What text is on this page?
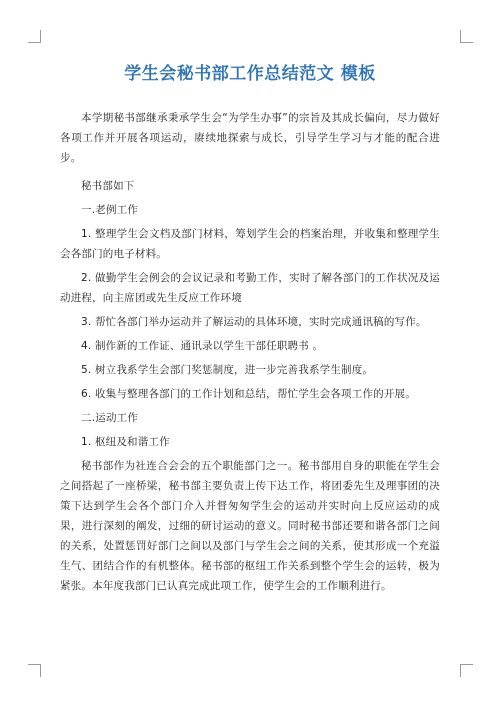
学生会秘书部工作总结范文 模板

本学期秘书部继承秉承学生会“为学生办事”的宗旨及其成长偏向，尽力做好各项工作并开展各项运动，赓续地探索与成长，引导学生学习与才能的配合进步。

秘书部如下

一.老例工作

1. 整理学生会文档及部门材料，筹划学生会的档案治理，并收集和整理学生会各部门的电子材料。

2. 做勤学生会例会的会议记录和考勤工作，实时了解各部门的工作状况及运动进程，向主席团或先生反应工作环境

3. 帮忙各部门举办运动并了解运动的具体环境，实时完成通讯稿的写作。

4. 制作新的工作证、通讯录以学生干部任职聘书 。

5. 树立我系学生会部门奖惩制度，进一步完善我系学生制度。

6. 收集与整理各部门的工作计划和总结，帮忙学生会各项工作的开展。

二.运动工作

1. 枢纽及和谐工作

秘书部作为社连合会会的五个职能部门之一。秘书部用自身的职能在学生会之间搭起了一座桥梁，秘书部主要负责上传下达工作，将团委先生及理事团的决策下达到学生会各个部门介入并督匆匆学生会的运动并实时向上反应运动的成果，进行深刻的阐发，过细的研讨运动的意义。同时秘书部还要和谐各部门之间的关系，处置惩罚好部门之间以及部门与学生会之间的关系，使其形成一个充溢生气、团结合作的有机整体。秘书部的枢纽工作关系到整个学生会的运转，极为紧张。本年度我部门已认真完成此项工作，使学生会的工作顺利进行。
